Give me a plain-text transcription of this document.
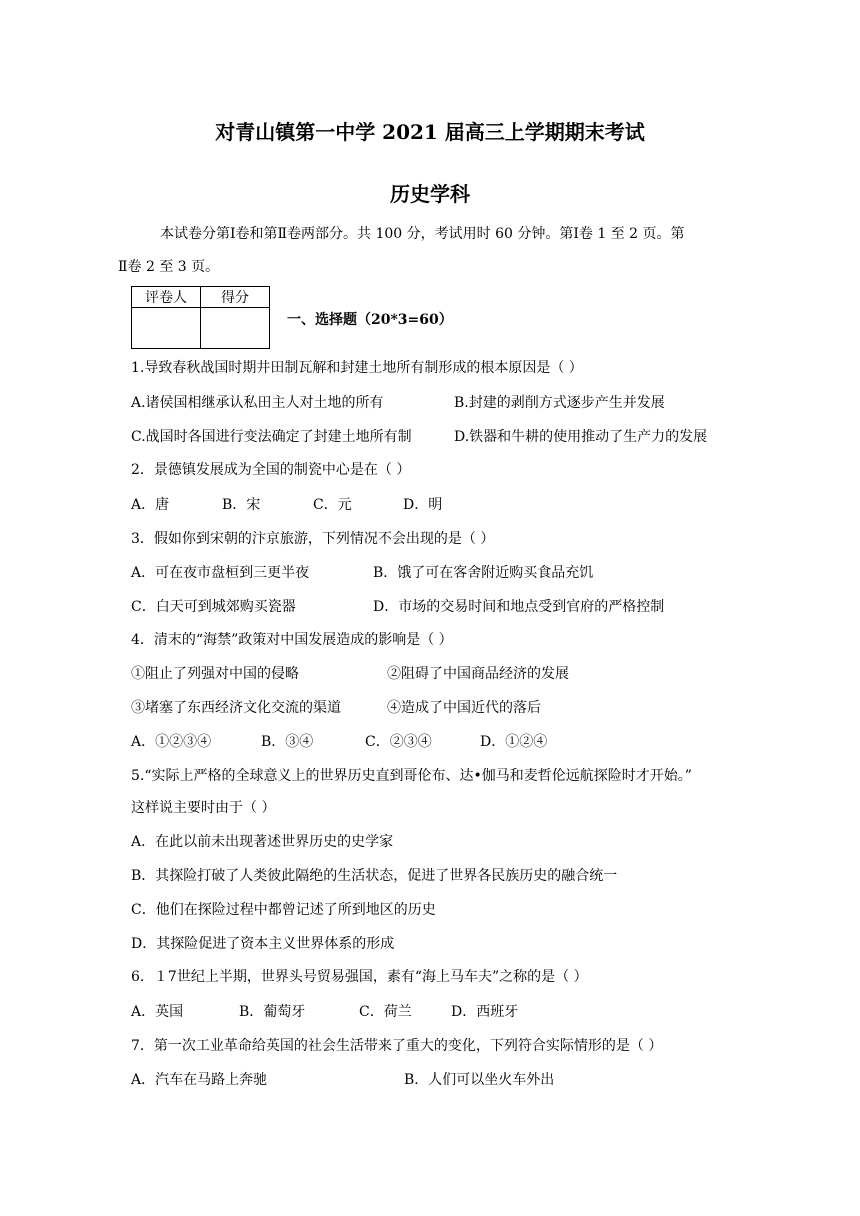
对青山镇第一中学 2021 届高三上学期期末考试
历史学科
本试卷分第Ⅰ卷和第Ⅱ卷两部分。共 100 分，考试用时 60 分钟。第Ⅰ卷 1 至 2 页。第
Ⅱ卷 2 至 3 页。
评卷人	得分

一、选择题（20*3=60）
1.导致春秋战国时期井田制瓦解和封建土地所有制形成的根本原因是（ ）
A.诸侯国相继承认私田主人对土地的所有	B.封建的剥削方式逐步产生并发展
C.战国时各国进行变法确定了封建土地所有制	D.铁器和牛耕的使用推动了生产力的发展
2．景德镇发展成为全国的制瓷中心是在（ ）
A．唐	B．宋	C．元	D．明
3．假如你到宋朝的汴京旅游，下列情况不会出现的是（ ）
A．可在夜市盘桓到三更半夜	B．饿了可在客舍附近购买食品充饥
C．白天可到城郊购买瓷器	D．市场的交易时间和地点受到官府的严格控制
4．清末的“海禁”政策对中国发展造成的影响是（ ）
①阻止了列强对中国的侵略	②阻碍了中国商品经济的发展
③堵塞了东西经济文化交流的渠道	④造成了中国近代的落后
A．①②③④	B．③④	C．②③④	D．①②④
5.“实际上严格的全球意义上的世界历史直到哥伦布、达•伽马和麦哲伦远航探险时才开始。”
这样说主要时由于（ ）
A．在此以前未出现著述世界历史的史学家
B．其探险打破了人类彼此隔绝的生活状态，促进了世界各民族历史的融合统一
C．他们在探险过程中都曾记述了所到地区的历史
D．其探险促进了资本主义世界体系的形成
6．１7世纪上半期，世界头号贸易强国，素有“海上马车夫”之称的是（ ）
A．英国	B．葡萄牙	C．荷兰	D．西班牙
7．第一次工业革命给英国的社会生活带来了重大的变化，下列符合实际情形的是（ ）
A．汽车在马路上奔驰	B．人们可以坐火车外出
